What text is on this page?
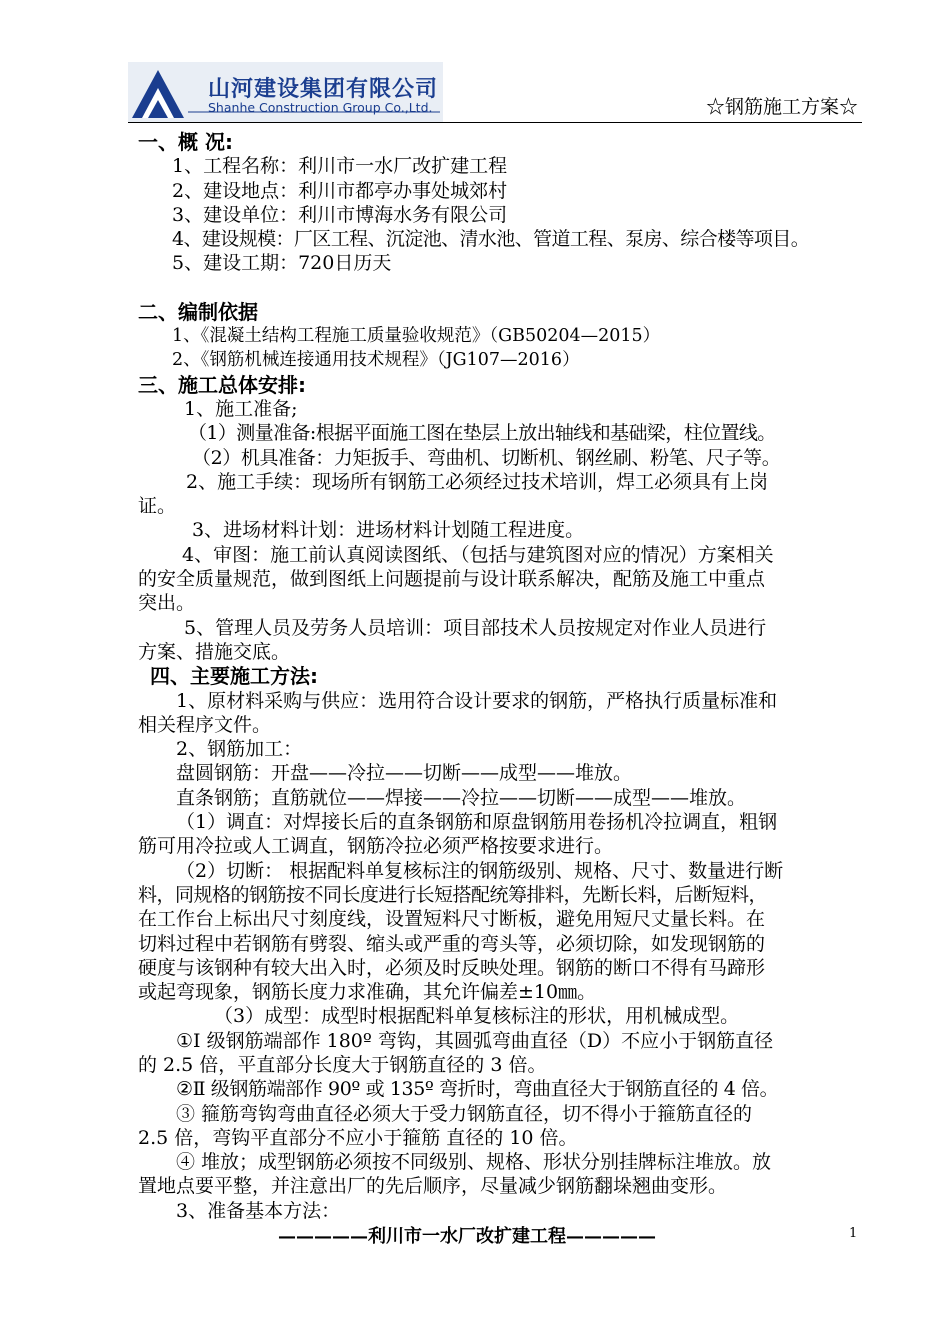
山河建设集团有限公司
Shanhe Construction Group Co.,Ltd.	☆钢筋施工方案☆
一、概 况:
1、工程名称：利川市一水厂改扩建工程
2、建设地点：利川市都亭办事处城郊村
3、建设单位：利川市博海水务有限公司
4、建设规模：厂区工程、沉淀池、清水池、管道工程、泵房、综合楼等项目。
5、建设工期：720日历天
二、编制依据
1、《混凝土结构工程施工质量验收规范》（GB50204—2015）
2、《钢筋机械连接通用技术规程》（JG107—2016）
三、施工总体安排:
1、施工准备;
（1）测量准备:根据平面施工图在垫层上放出轴线和基础梁，柱位置线。
（2）机具准备：力矩扳手、弯曲机、切断机、钢丝刷、粉笔、尺子等。
2、施工手续：现场所有钢筋工必须经过技术培训，焊工必须具有上岗
证。
3、进场材料计划：进场材料计划随工程进度。
4、审图：施工前认真阅读图纸、（包括与建筑图对应的情况）方案相关
的安全质量规范，做到图纸上问题提前与设计联系解决，配筋及施工中重点
突出。
5、管理人员及劳务人员培训：项目部技术人员按规定对作业人员进行
方案、措施交底。
四、主要施工方法:
1、原材料采购与供应：选用符合设计要求的钢筋，严格执行质量标准和
相关程序文件。
2、钢筋加工：
盘圆钢筋：开盘——冷拉——切断——成型——堆放。
直条钢筋；直筋就位——焊接——冷拉——切断——成型——堆放。
（1）调直：对焊接长后的直条钢筋和原盘钢筋用卷扬机冷拉调直，粗钢
筋可用冷拉或人工调直，钢筋冷拉必须严格按要求进行。
（2）切断： 根据配料单复核标注的钢筋级别、规格、尺寸、数量进行断
料，同规格的钢筋按不同长度进行长短搭配统筹排料，先断长料，后断短料，
在工作台上标出尺寸刻度线，设置短料尺寸断板，避免用短尺丈量长料。在
切料过程中若钢筋有劈裂、缩头或严重的弯头等，必须切除，如发现钢筋的
硬度与该钢种有较大出入时，必须及时反映处理。钢筋的断口不得有马蹄形
或起弯现象，钢筋长度力求准确，其允许偏差±10㎜。
（3）成型：成型时根据配料单复核标注的形状，用机械成型。
①Ⅰ 级钢筋端部作 180º 弯钩，其圆弧弯曲直径（D）不应小于钢筋直径
的 2.5 倍，平直部分长度大于钢筋直径的 3 倍。
②Ⅱ 级钢筋端部作 90º 或 135º 弯折时，弯曲直径大于钢筋直径的 4 倍。
③ 箍筋弯钩弯曲直径必须大于受力钢筋直径，切不得小于箍筋直径的
2.5 倍，弯钩平直部分不应小于箍筋 直径的 10 倍。
④ 堆放；成型钢筋必须按不同级别、规格、形状分别挂牌标注堆放。放
置地点要平整，并注意出厂的先后顺序，尽量减少钢筋翻垛翘曲变形。
3、准备基本方法：
—————利川市一水厂改扩建工程—————	1
